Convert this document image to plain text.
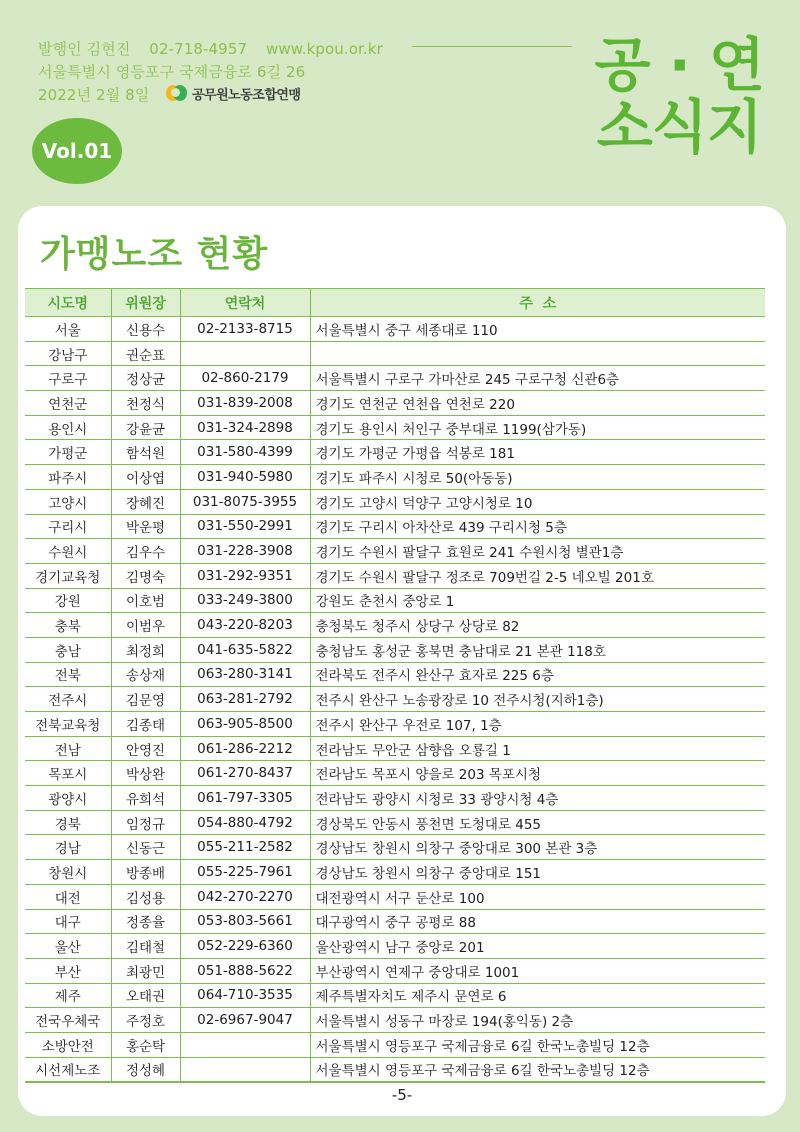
발행인 김현진 02-718-4957 www.kpou.or.kr
서울특별시 영등포구 국제금융로 6길 26
2022년 2월 8일	공무원노동조합연맹	공 · 연
소식지
Vol.01
가맹노조 현황
시도명	위원장	연락처	주  소
서울	신용수	02-2133-8715	서울특별시 중구 세종대로 110
강남구	권순표		
구로구	정상균	02-860-2179	서울특별시 구로구 가마산로 245 구로구청 신관6층
연천군	천정식	031-839-2008	경기도 연천군 연천읍 연천로 220
용인시	강윤균	031-324-2898	경기도 용인시 처인구 중부대로 1199(삼가동)
가평군	함석원	031-580-4399	경기도 가평군 가평읍 석봉로 181
파주시	이상엽	031-940-5980	경기도 파주시 시청로 50(아동동)
고양시	장혜진	031-8075-3955	경기도 고양시 덕양구 고양시청로 10
구리시	박운평	031-550-2991	경기도 구리시 아차산로 439 구리시청 5층
수원시	김우수	031-228-3908	경기도 수원시 팔달구 효원로 241 수원시청 별관1층
경기교육청	김명숙	031-292-9351	경기도 수원시 팔달구 정조로 709번길 2-5 네오빌 201호
강원	이호범	033-249-3800	강원도 춘천시 중앙로 1
충북	이범우	043-220-8203	충청북도 청주시 상당구 상당로 82
충남	최정희	041-635-5822	충청남도 홍성군 홍북면 충남대로 21 본관 118호
전북	송상재	063-280-3141	전라북도 전주시 완산구 효자로 225 6층
전주시	김문영	063-281-2792	전주시 완산구 노송광장로 10 전주시청(지하1층)
전북교육청	김종태	063-905-8500	전주시 완산구 우전로 107, 1층
전남	안영진	061-286-2212	전라남도 무안군 삼향읍 오룡길 1
목포시	박상완	061-270-8437	전라남도 목포시 양을로 203 목포시청
광양시	유희석	061-797-3305	전라남도 광양시 시청로 33 광양시청 4층
경북	임정규	054-880-4792	경상북도 안동시 풍천면 도청대로 455
경남	신동근	055-211-2582	경상남도 창원시 의창구 중앙대로 300 본관 3층
창원시	방종배	055-225-7961	경상남도 창원시 의창구 중앙대로 151
대전	김성용	042-270-2270	대전광역시 서구 둔산로 100
대구	정종율	053-803-5661	대구광역시 중구 공평로 88
울산	김태철	052-229-6360	울산광역시 남구 중앙로 201
부산	최광민	051-888-5622	부산광역시 연제구 중앙대로 1001
제주	오태권	064-710-3535	제주특별자치도 제주시 문연로 6
전국우체국	주정호	02-6967-9047	서울특별시 성동구 마장로 194(홍익동) 2층
소방안전	홍순탁		서울특별시 영등포구 국제금융로 6길 한국노총빌딩 12층
시선제노조	정성혜		서울특별시 영등포구 국제금융로 6길 한국노총빌딩 12층
-5-
